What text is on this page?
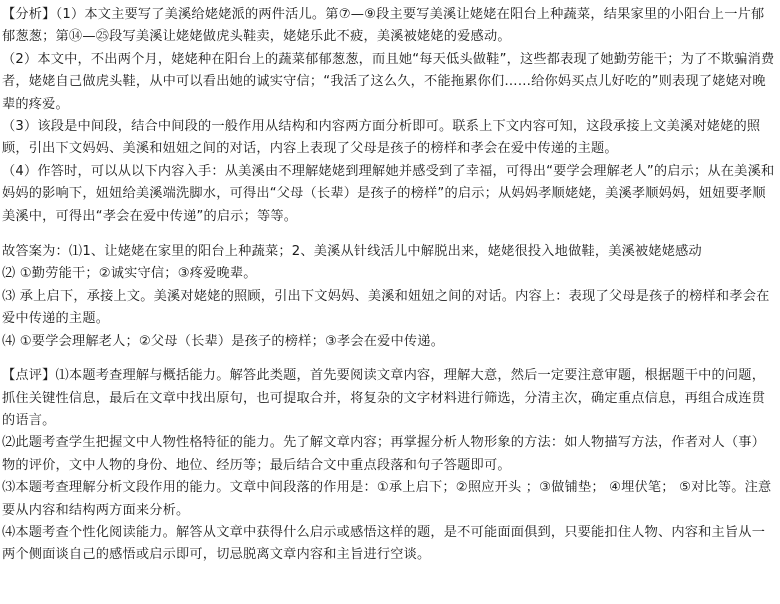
【分析】（1）本文主要写了美溪给姥姥派的两件活儿。第⑦—⑨段主要写美溪让姥姥在阳台上种蔬菜，结果家里的小阳台上一片郁郁葱葱；第⑭—㉕段写美溪让姥姥做虎头鞋卖，姥姥乐此不疲，美溪被姥姥的爱感动。

（2）本文中，不出两个月，姥姥种在阳台上的蔬菜郁郁葱葱，而且她“每天低头做鞋”，这些都表现了她勤劳能干；为了不欺骗消费者，姥姥自己做虎头鞋，从中可以看出她的诚实守信；“我活了这么久，不能拖累你们……给你妈买点儿好吃的”则表现了姥姥对晚辈的疼爱。

（3）该段是中间段，结合中间段的一般作用从结构和内容两方面分析即可。联系上下文内容可知，这段承接上文美溪对姥姥的照顾，引出下文妈妈、美溪和妞妞之间的对话，内容上表现了父母是孩子的榜样和孝会在爱中传递的主题。

（4）作答时，可以从以下内容入手：从美溪由不理解姥姥到理解她并感受到了幸福，可得出“要学会理解老人”的启示；从在美溪和妈妈的影响下，妞妞给美溪端洗脚水，可得出“父母（长辈）是孩子的榜样”的启示；从妈妈孝顺姥姥，美溪孝顺妈妈，妞妞要孝顺美溪中，可得出“孝会在爱中传递”的启示；等等。

故答案为：⑴1、让姥姥在家里的阳台上种蔬菜；2、美溪从针线活儿中解脱出来，姥姥很投入地做鞋，美溪被姥姥感动

⑵ ①勤劳能干；②诚实守信；③疼爱晚辈。

⑶ 承上启下，承接上文。美溪对姥姥的照顾，引出下文妈妈、美溪和妞妞之间的对话。内容上：表现了父母是孩子的榜样和孝会在爱中传递的主题。

⑷ ①要学会理解老人；②父母（长辈）是孩子的榜样；③孝会在爱中传递。

【点评】⑴本题考查理解与概括能力。解答此类题，首先要阅读文章内容，理解大意，然后一定要注意审题，根据题干中的问题，抓住关键性信息，最后在文章中找出原句，也可提取合并，将复杂的文字材料进行筛选，分清主次，确定重点信息，再组合成连贯的语言。

⑵此题考查学生把握文中人物性格特征的能力。先了解文章内容；再掌握分析人物形象的方法：如人物描写方法，作者对人（事）物的评价，文中人物的身份、地位、经历等；最后结合文中重点段落和句子答题即可。

⑶本题考查理解分析文段作用的能力。文章中间段落的作用是：①承上启下；②照应开头 ；③做铺垫； ④埋伏笔； ⑤对比等。注意要从内容和结构两方面来分析。

⑷本题考查个性化阅读能力。解答从文章中获得什么启示或感悟这样的题，是不可能面面俱到，只要能扣住人物、内容和主旨从一两个侧面谈自己的感悟或启示即可，切忌脱离文章内容和主旨进行空谈。
